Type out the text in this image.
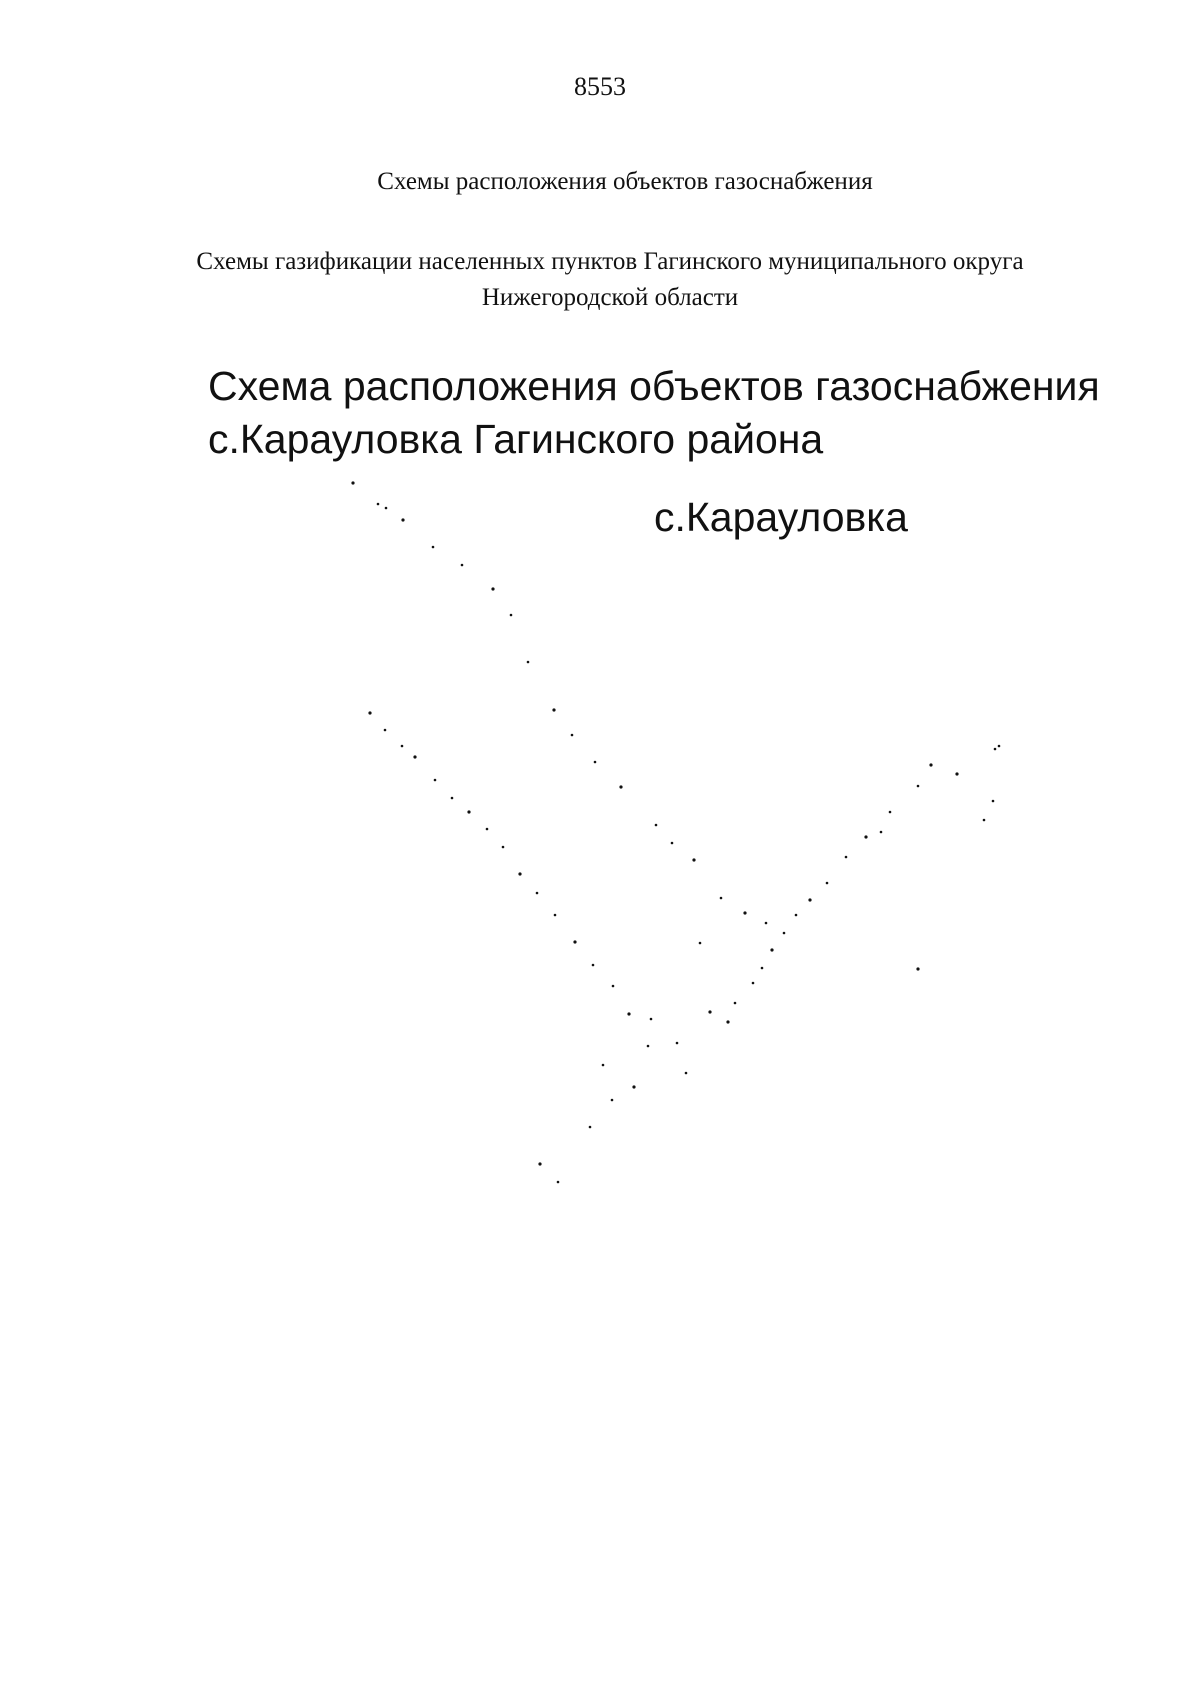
8553
Схемы расположения объектов газоснабжения
Схемы газификации населенных пунктов Гагинского муниципального округа
Нижегородской области
Схема расположения объектов газоснабжения
с.Карауловка Гагинского района
с.Карауловка
